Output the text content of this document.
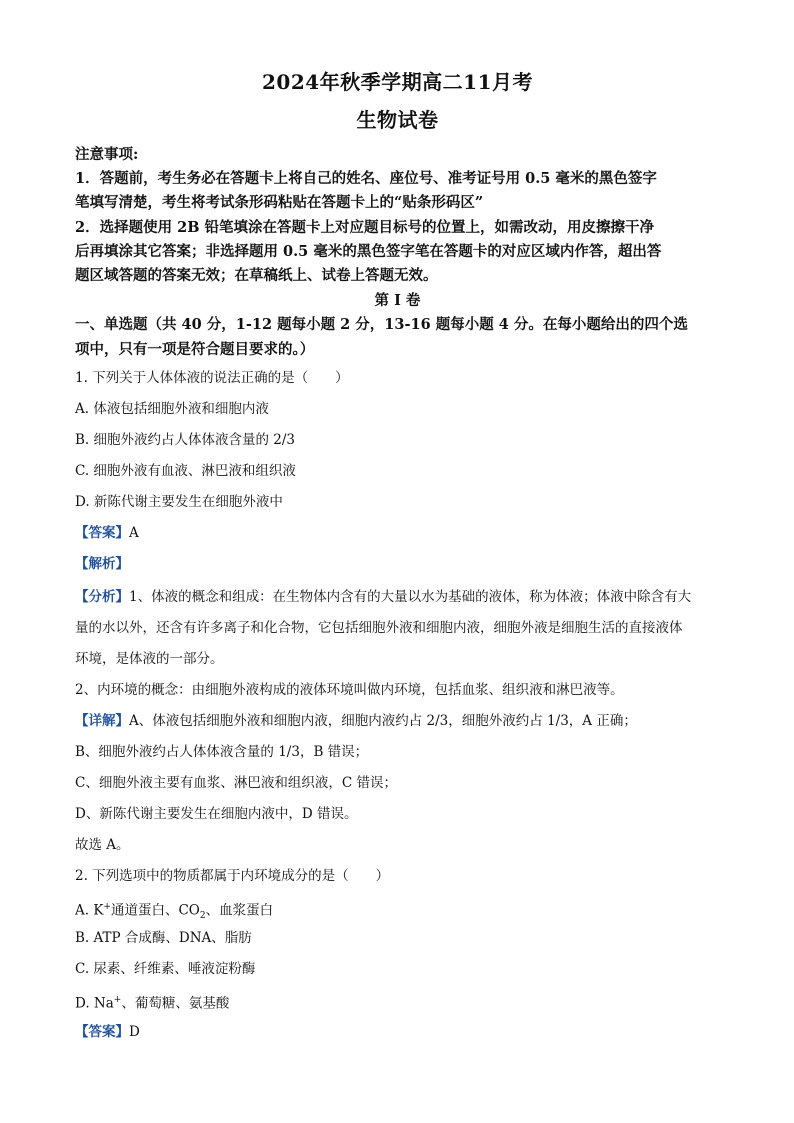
2024年秋季学期高二11月考
生物试卷
注意事项:
1．答题前，考生务必在答题卡上将自己的姓名、座位号、准考证号用 0.5 毫米的黑色签字
笔填写清楚，考生将考试条形码粘贴在答题卡上的“贴条形码区”
2．选择题使用 2B 铅笔填涂在答题卡上对应题目标号的位置上，如需改动，用皮擦擦干净
后再填涂其它答案；非选择题用 0.5 毫米的黑色签字笔在答题卡的对应区域内作答，超出答
题区域答题的答案无效；在草稿纸上、试卷上答题无效。
第 I 卷
一、单选题（共 40 分，1-12 题每小题 2 分，13-16 题每小题 4 分。在每小题给出的四个选
项中，只有一项是符合题目要求的。）
1. 下列关于人体体液的说法正确的是（　　）
A. 体液包括细胞外液和细胞内液
B. 细胞外液约占人体体液含量的 2/3
C. 细胞外液有血液、淋巴液和组织液
D. 新陈代谢主要发生在细胞外液中
【答案】A
【解析】
【分析】1、体液的概念和组成：在生物体内含有的大量以水为基础的液体，称为体液；体液中除含有大
量的水以外，还含有许多离子和化合物，它包括细胞外液和细胞内液，细胞外液是细胞生活的直接液体
环境，是体液的一部分。
2、内环境的概念：由细胞外液构成的液体环境叫做内环境，包括血浆、组织液和淋巴液等。
【详解】A、体液包括细胞外液和细胞内液，细胞内液约占 2/3，细胞外液约占 1/3，A 正确；
B、细胞外液约占人体体液含量的 1/3，B 错误；
C、细胞外液主要有血浆、淋巴液和组织液，C 错误；
D、新陈代谢主要发生在细胞内液中，D 错误。
故选 A。
2. 下列选项中的物质都属于内环境成分的是（　　）
A. K+通道蛋白、$CO_2$、血浆蛋白
B. ATP 合成酶、DNA、脂肪
C. 尿素、纤维素、唾液淀粉酶
D. Na+、葡萄糖、氨基酸
【答案】D
